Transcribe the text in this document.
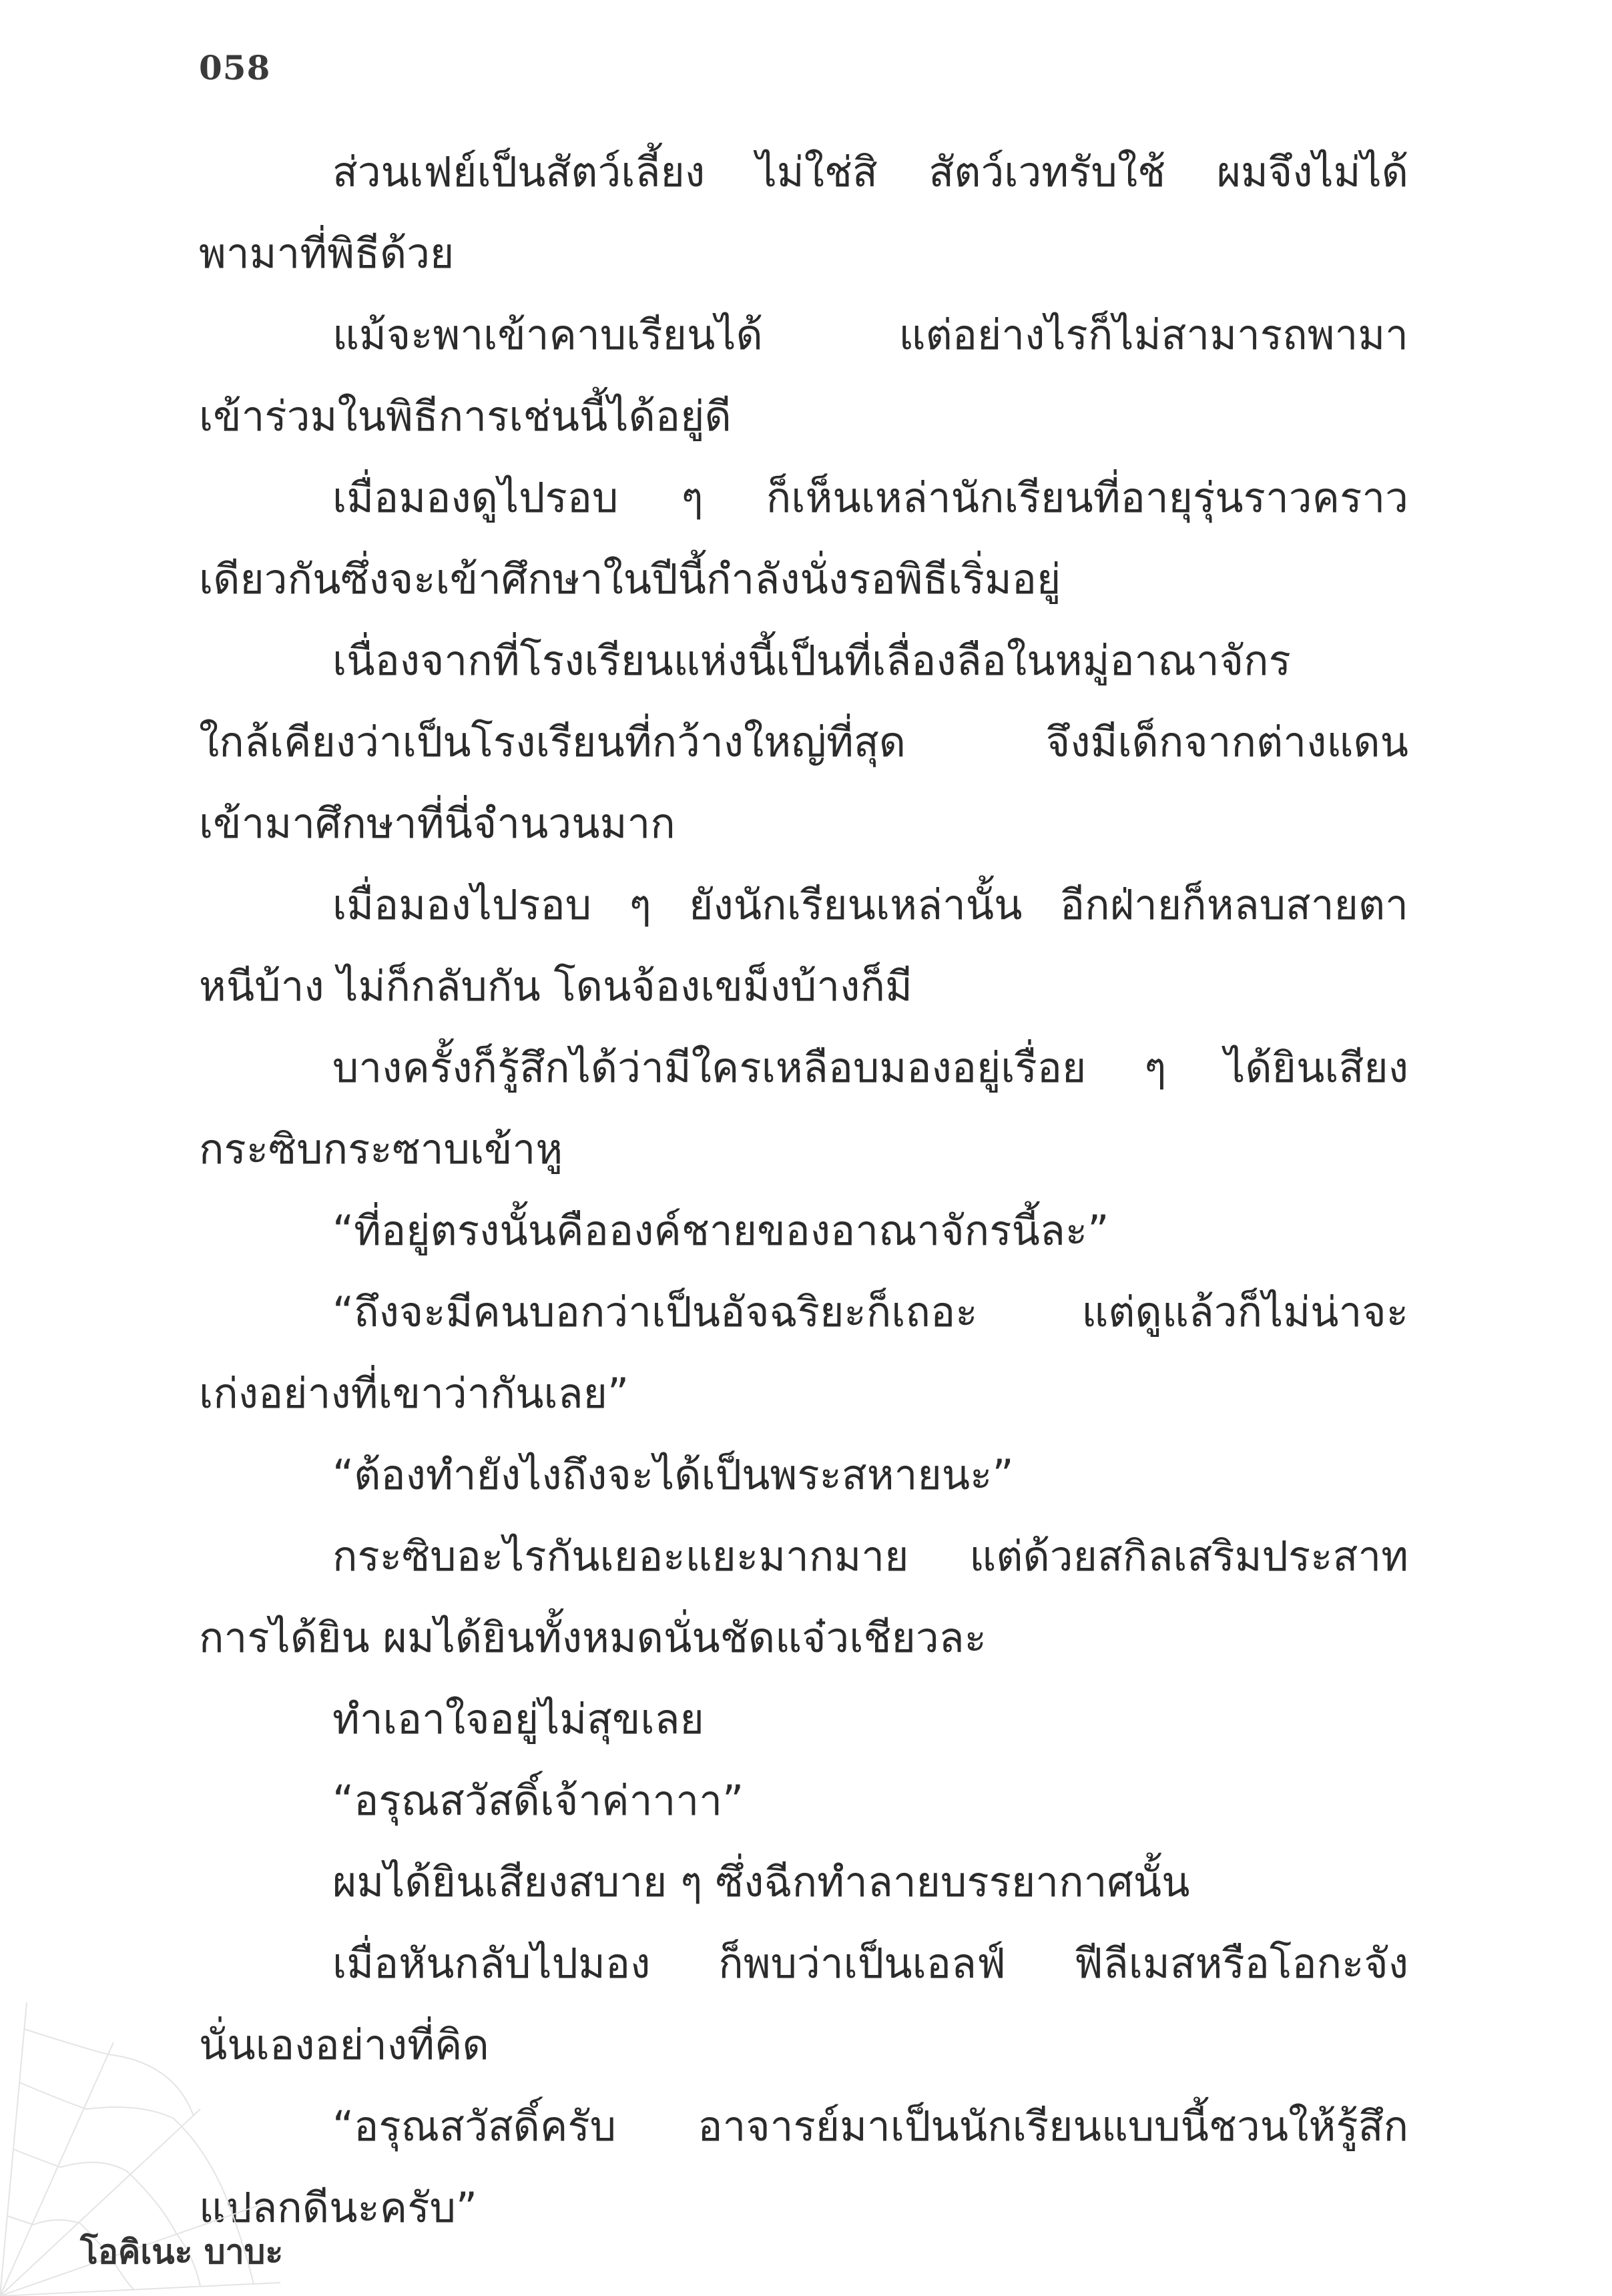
058
ส่วนเฟย์เป็นสัตว์เลี้ยง ไม่ใช่สิ สัตว์เวทรับใช้ ผมจึงไม่ได้
พามาที่พิธีด้วย
แม้จะพาเข้าคาบเรียนได้ แต่อย่างไรก็ไม่สามารถพามา
เข้าร่วมในพิธีการเช่นนี้ได้อยู่ดี
เมื่อมองดูไปรอบ ๆ ก็เห็นเหล่านักเรียนที่อายุรุ่นราวคราว
เดียวกันซึ่งจะเข้าศึกษาในปีนี้กำลังนั่งรอพิธีเริ่มอยู่
เนื่องจากที่โรงเรียนแห่งนี้เป็นที่เลื่องลือในหมู่อาณาจักร
ใกล้เคียงว่าเป็นโรงเรียนที่กว้างใหญ่ที่สุด จึงมีเด็กจากต่างแดน
เข้ามาศึกษาที่นี่จำนวนมาก
เมื่อมองไปรอบ ๆ ยังนักเรียนเหล่านั้น อีกฝ่ายก็หลบสายตา
หนีบ้าง ไม่ก็กลับกัน โดนจ้องเขม็งบ้างก็มี
บางครั้งก็รู้สึกได้ว่ามีใครเหลือบมองอยู่เรื่อย ๆ ได้ยินเสียง
กระซิบกระซาบเข้าหู
“ที่อยู่ตรงนั้นคือองค์ชายของอาณาจักรนี้ละ”
“ถึงจะมีคนบอกว่าเป็นอัจฉริยะก็เถอะ แต่ดูแล้วก็ไม่น่าจะ
เก่งอย่างที่เขาว่ากันเลย”
“ต้องทำยังไงถึงจะได้เป็นพระสหายนะ”
กระซิบอะไรกันเยอะแยะมากมาย แต่ด้วยสกิลเสริมประสาท
การได้ยิน ผมได้ยินทั้งหมดนั่นชัดแจ๋วเชียวละ
ทำเอาใจอยู่ไม่สุขเลย
“อรุณสวัสดิ์เจ้าค่าาาา”
ผมได้ยินเสียงสบาย ๆ ซึ่งฉีกทำลายบรรยากาศนั้น
เมื่อหันกลับไปมอง ก็พบว่าเป็นเอลฟ์ ฟีลีเมสหรือโอกะจัง
นั่นเองอย่างที่คิด
“อรุณสวัสดิ์ครับ อาจารย์มาเป็นนักเรียนแบบนี้ชวนให้รู้สึก
แปลกดีนะครับ”
โอคิเนะ บาบะ
